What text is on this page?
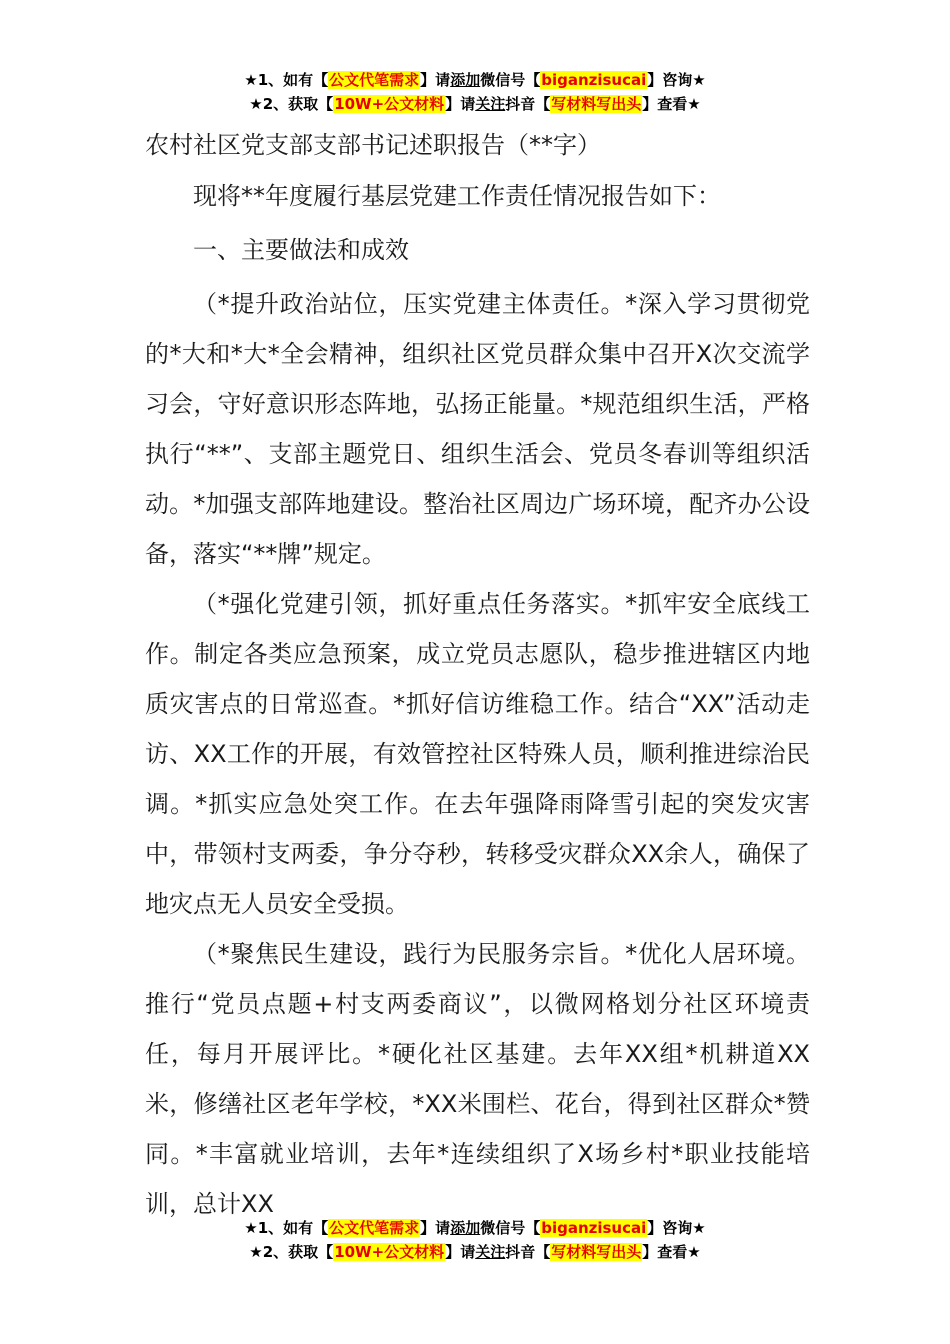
★1、如有【公文代笔需求】请添加微信号【biganzisucai】咨询★
★2、获取【10W+公文材料】请关注抖音【写材料写出头】查看★
农村社区党支部支部书记述职报告（**字）

现将**年度履行基层党建工作责任情况报告如下：

一、主要做法和成效

（*提升政治站位，压实党建主体责任。*深入学习贯彻党的*大和*大*全会精神，组织社区党员群众集中召开X次交流学习会，守好意识形态阵地，弘扬正能量。*规范组织生活，严格执行“**”、支部主题党日、组织生活会、党员冬春训等组织活动。*加强支部阵地建设。整治社区周边广场环境，配齐办公设备，落实“**牌”规定。

（*强化党建引领，抓好重点任务落实。*抓牢安全底线工作。制定各类应急预案，成立党员志愿队，稳步推进辖区内地质灾害点的日常巡查。*抓好信访维稳工作。结合“XX”活动走访、XX工作的开展，有效管控社区特殊人员，顺利推进综治民调。*抓实应急处突工作。在去年强降雨降雪引起的突发灾害中，带领村支两委，争分夺秒，转移受灾群众XX余人，确保了地灾点无人员安全受损。

（*聚焦民生建设，践行为民服务宗旨。*优化人居环境。推行“党员点题+村支两委商议”，以微网格划分社区环境责任，每月开展评比。*硬化社区基建。去年XX组*机耕道XX米，修缮社区老年学校，*XX米围栏、花台，得到社区群众*赞同。*丰富就业培训，去年*连续组织了X场乡村*职业技能培训，总计XX

★1、如有【公文代笔需求】请添加微信号【biganzisucai】咨询★
★2、获取【10W+公文材料】请关注抖音【写材料写出头】查看★
